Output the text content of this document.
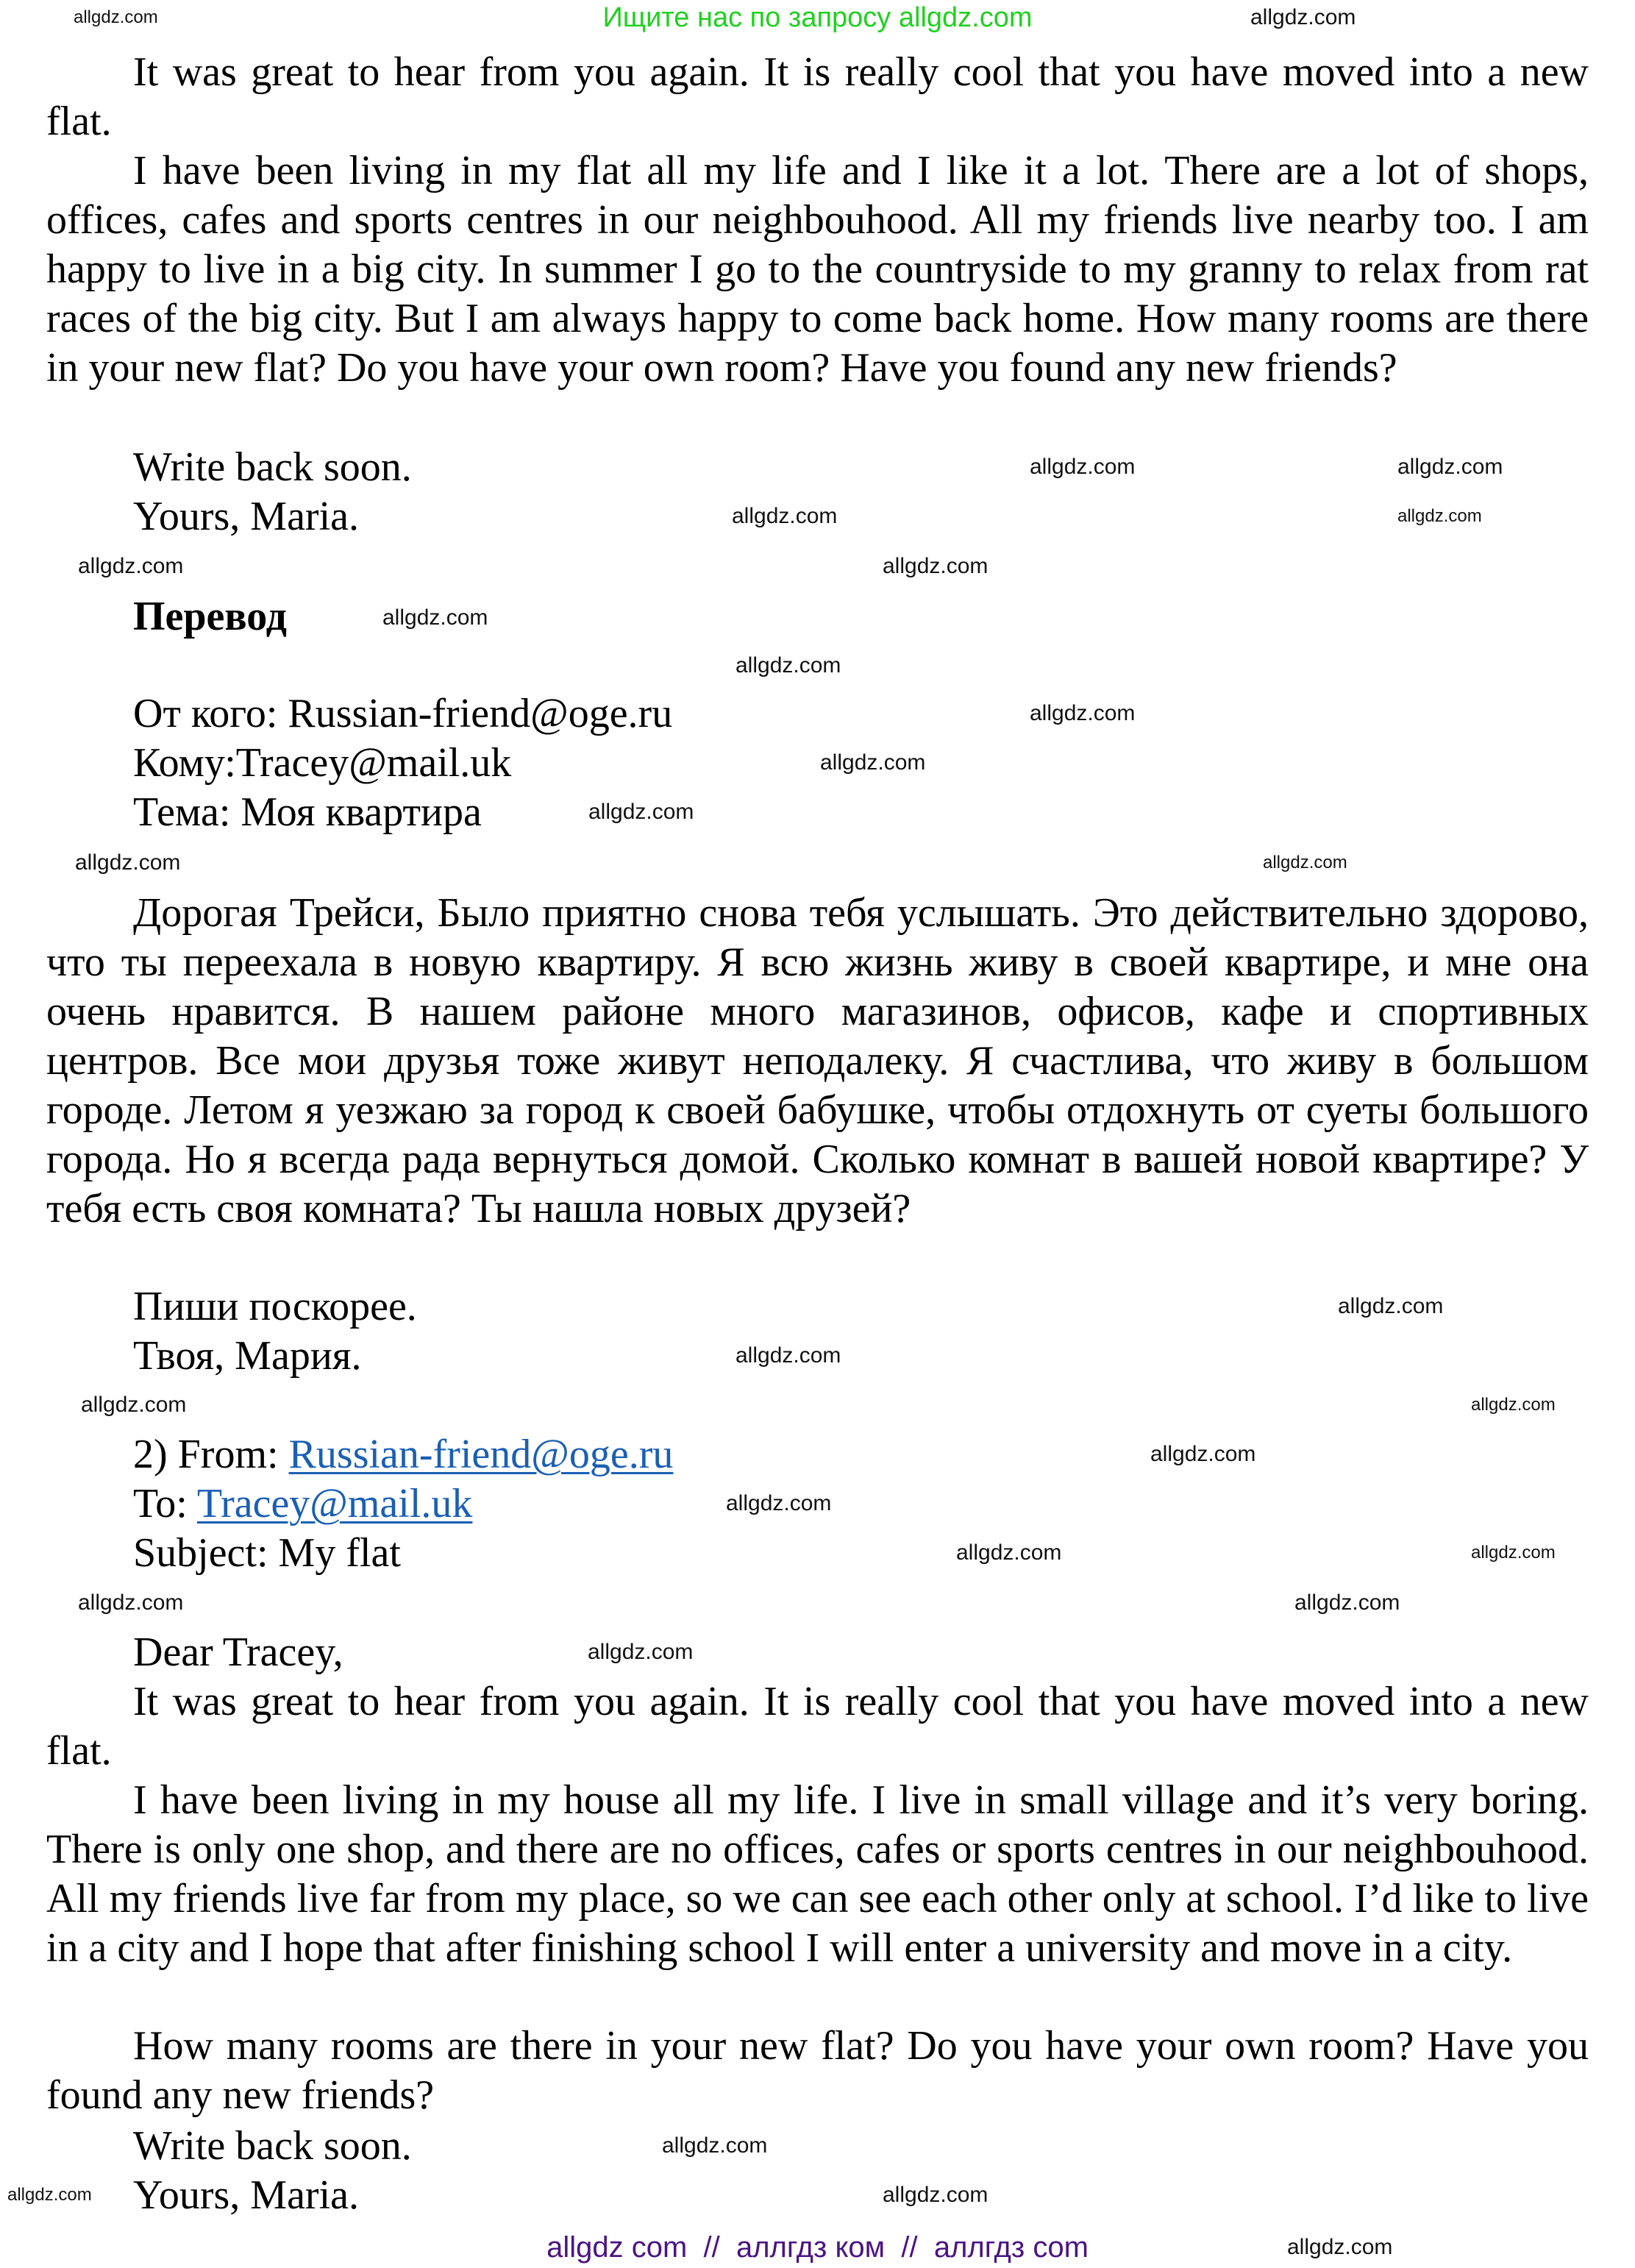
Ищите нас по запросу allgdz.com

It was great to hear from you again. It is really cool that you have moved into a new flat.

I have been living in my flat all my life and I like it a lot. There are a lot of shops, offices, cafes and sports centres in our neighbouhood. All my friends live nearby too. I am happy to live in a big city. In summer I go to the countryside to my granny to relax from rat races of the big city. But I am always happy to come back home. How many rooms are there in your new flat? Do you have your own room? Have you found any new friends?

Write back soon.
Yours, Maria.
Перевод
От кого: Russian-friend@oge.ru
Кому:Tracey@mail.uk
Тема: Моя квартира

Дорогая Трейси, Было приятно снова тебя услышать. Это действительно здорово, что ты переехала в новую квартиру. Я всю жизнь живу в своей квартире, и мне она очень нравится. В нашем районе много магазинов, офисов, кафе и спортивных центров. Все мои друзья тоже живут неподалеку. Я счастлива, что живу в большом городе. Летом я уезжаю за город к своей бабушке, чтобы отдохнуть от суеты большого города. Но я всегда рада вернуться домой. Сколько комнат в вашей новой квартире? У тебя есть своя комната? Ты нашла новых друзей?

Пиши поскорее.
Твоя, Мария.
2) From: Russian-friend@oge.ru
To: Tracey@mail.uk
Subject: My flat
Dear Tracey,

It was great to hear from you again. It is really cool that you have moved into a new flat.

I have been living in my house all my life. I live in small village and it’s very boring. There is only one shop, and there are no offices, cafes or sports centres in our neighbouhood. All my friends live far from my place, so we can see each other only at school. I’d like to live in a city and I hope that after finishing school I will enter a university and move in a city.

How many rooms are there in your new flat? Do you have your own room? Have you found any new friends?

Write back soon.
Yours, Maria.
allgdz.com	allgdz.com
allgdz.com	allgdz.com
allgdz.com	allgdz.com
allgdz.com	allgdz.com
allgdz.com
allgdz.com
allgdz.com
allgdz.com
allgdz.com
allgdz.com	allgdz.com
allgdz.com
allgdz.com
allgdz.com	allgdz.com
allgdz.com
allgdz.com
allgdz.com	allgdz.com
allgdz.com	allgdz.com
allgdz.com
allgdz.com
allgdz.com
allgdz.com
allgdz.com
allgdz com  //  аллгдз ком  //  аллгдз com
